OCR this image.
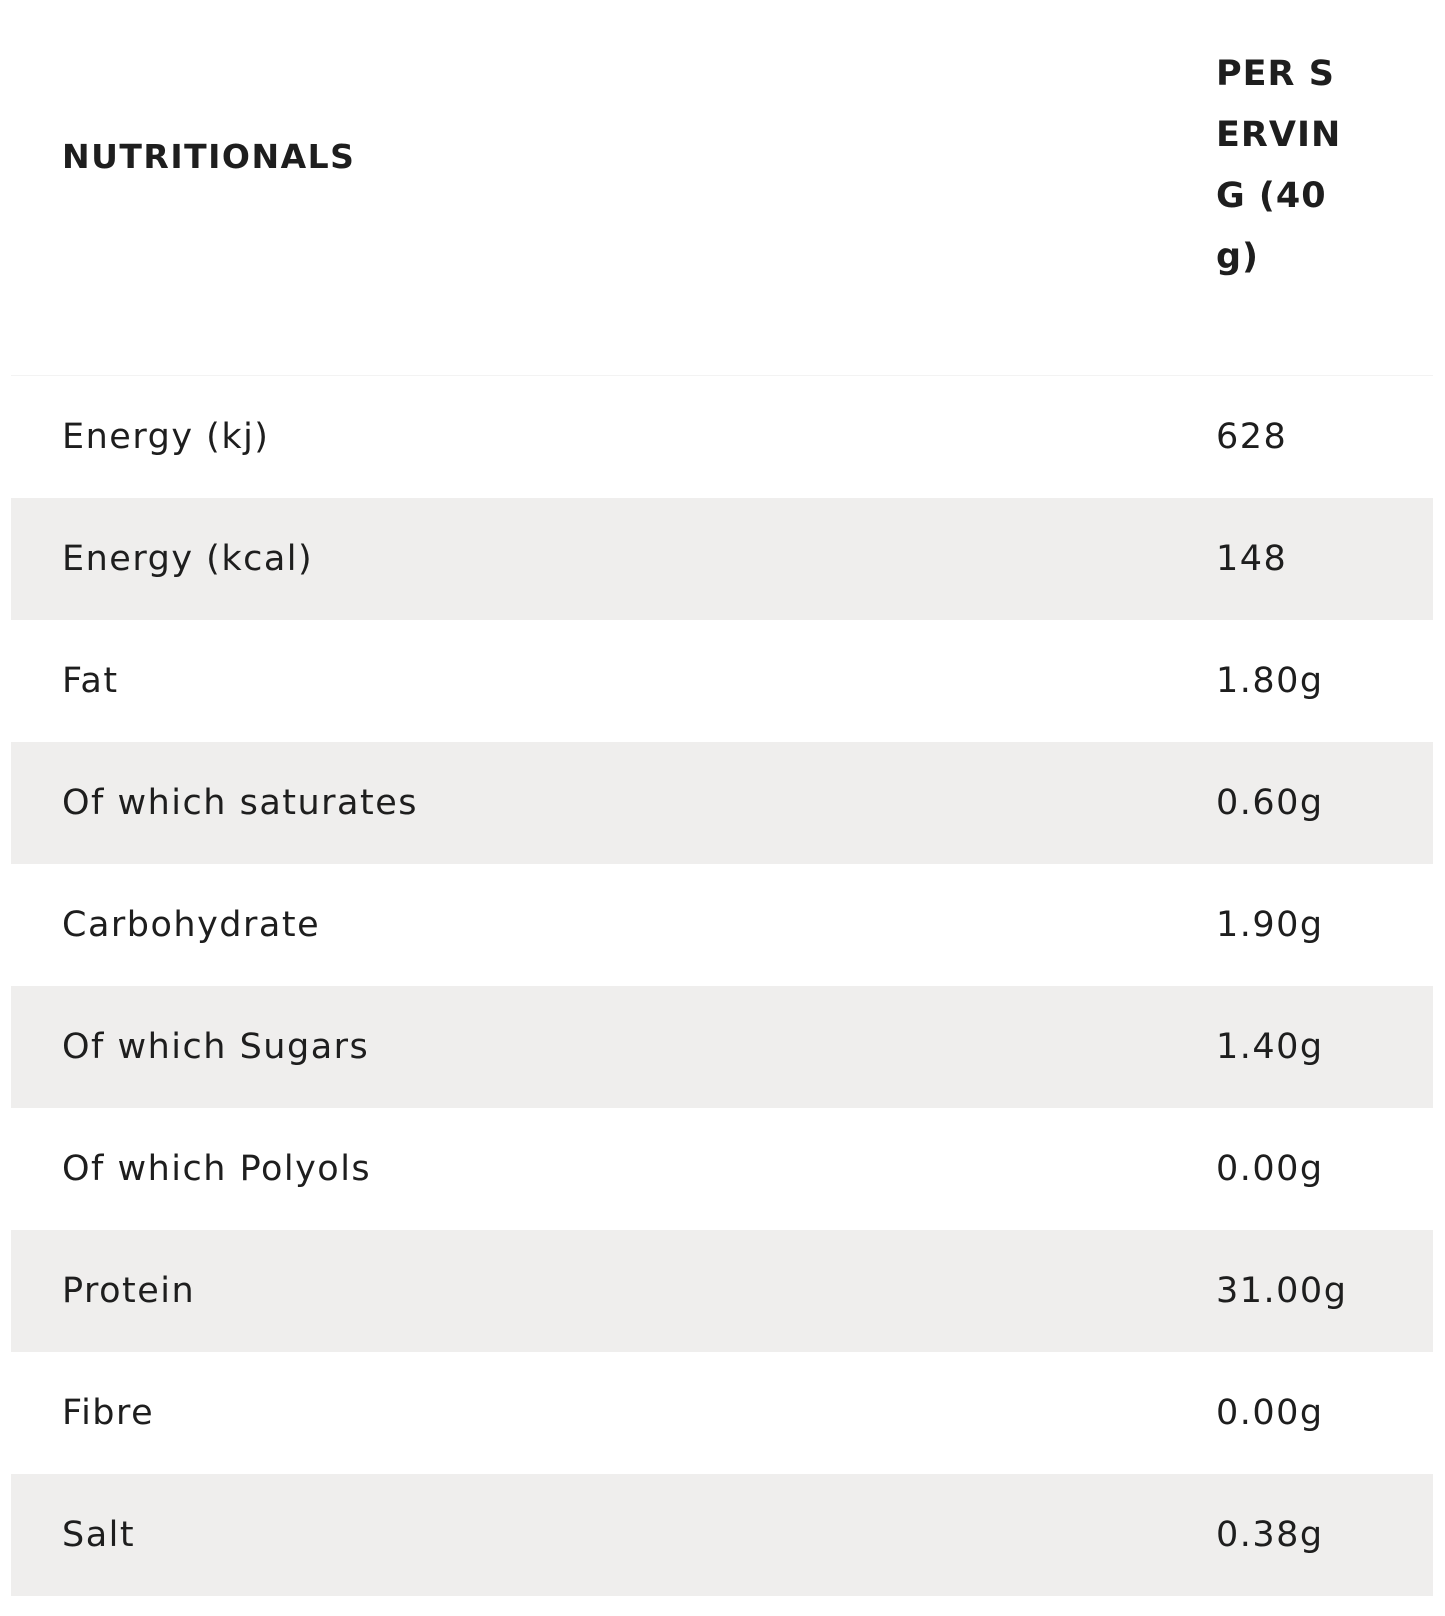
NUTRITIONALS
PER SERVING (40g)
Energy (kj)	628
Energy (kcal)	148
Fat	1.80g
Of which saturates	0.60g
Carbohydrate	1.90g
Of which Sugars	1.40g
Of which Polyols	0.00g
Protein	31.00g
Fibre	0.00g
Salt	0.38g
